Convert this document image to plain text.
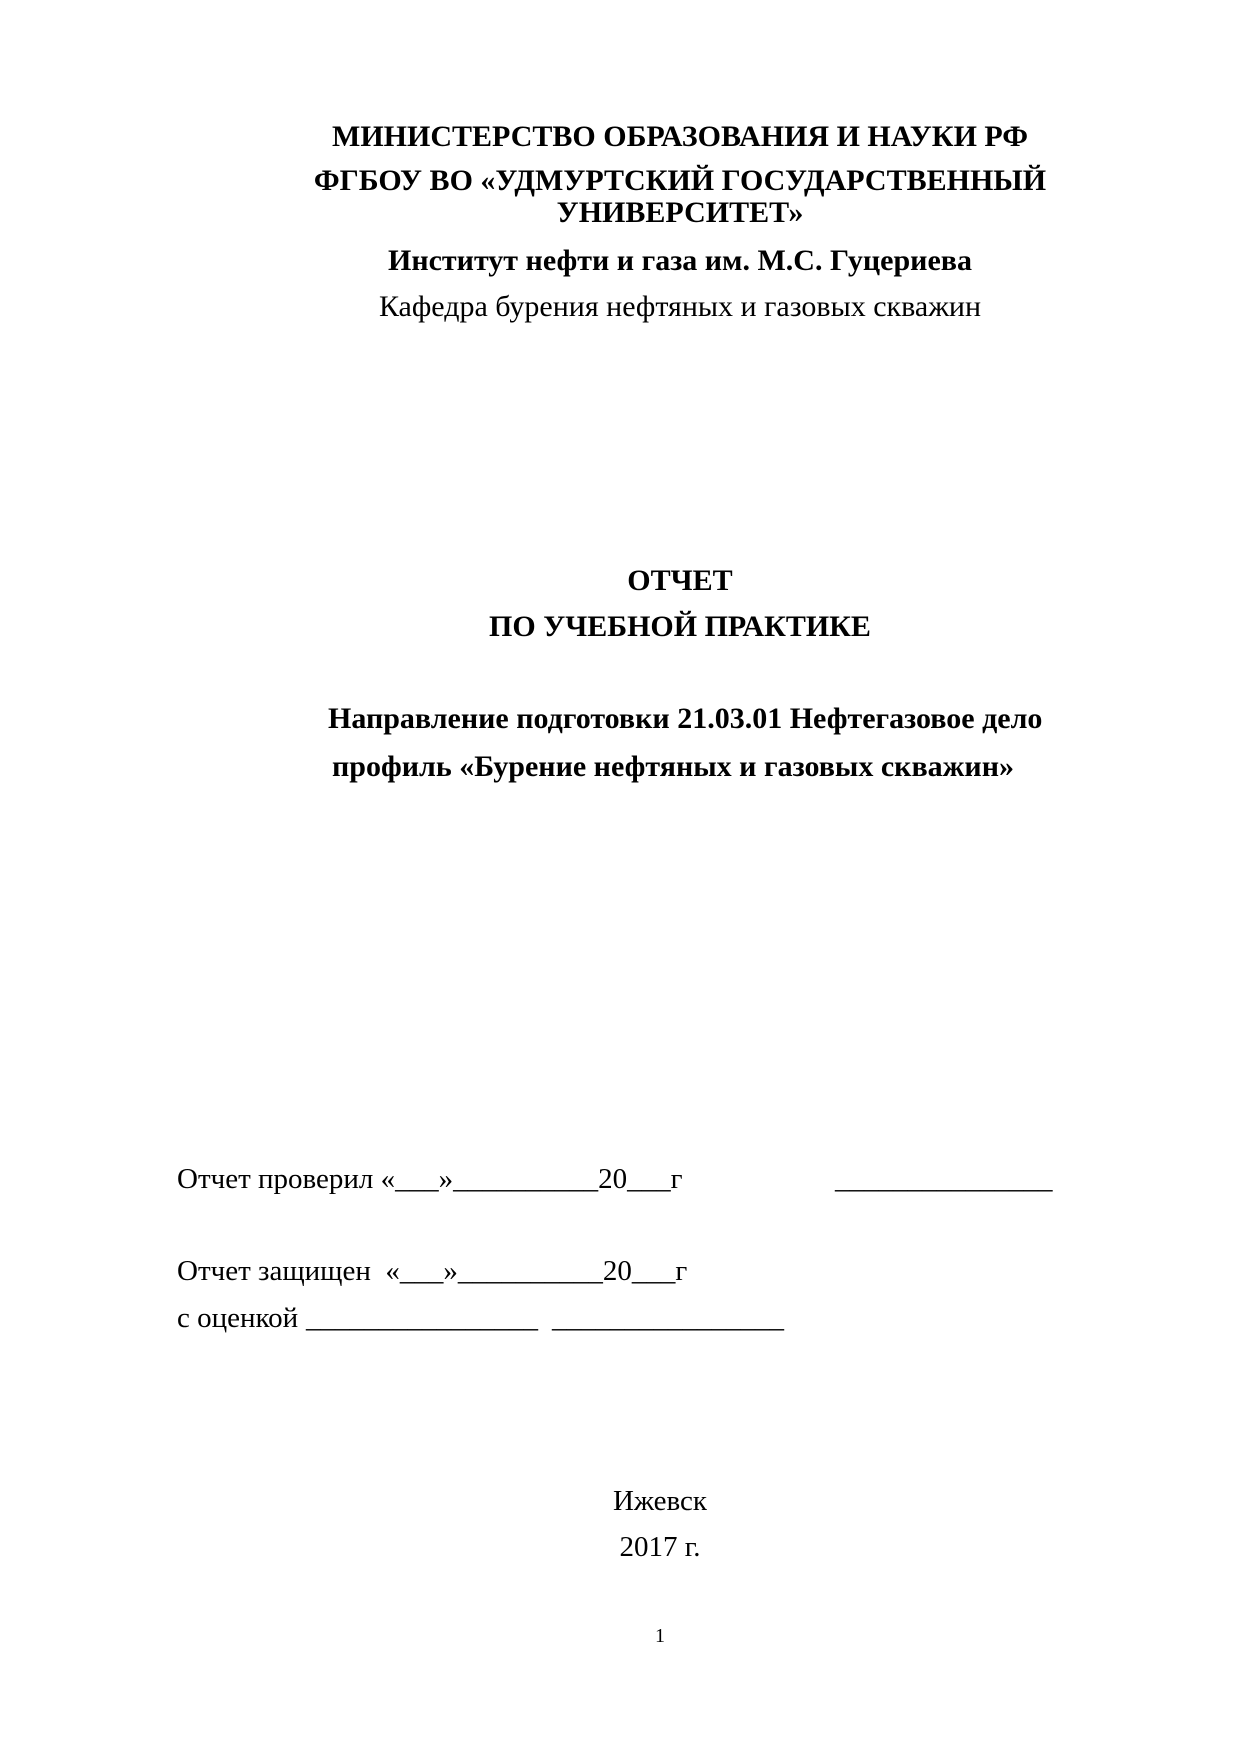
МИНИСТЕРСТВО ОБРАЗОВАНИЯ И НАУКИ РФ
ФГБОУ ВО «УДМУРТСКИЙ ГОСУДАРСТВЕННЫЙ
УНИВЕРСИТЕТ»
Институт нефти и газа им. М.С. Гуцериева
Кафедра бурения нефтяных и газовых скважин
ОТЧЕТ
ПО УЧЕБНОЙ ПРАКТИКЕ
Направление подготовки 21.03.01 Нефтегазовое дело
профиль «Бурение нефтяных и газовых скважин»
Отчет проверил «___»__________20___г	_______________
Отчет защищен  «___»__________20___г
с оценкой ________________ ________________
Ижевск
2017 г.
1
